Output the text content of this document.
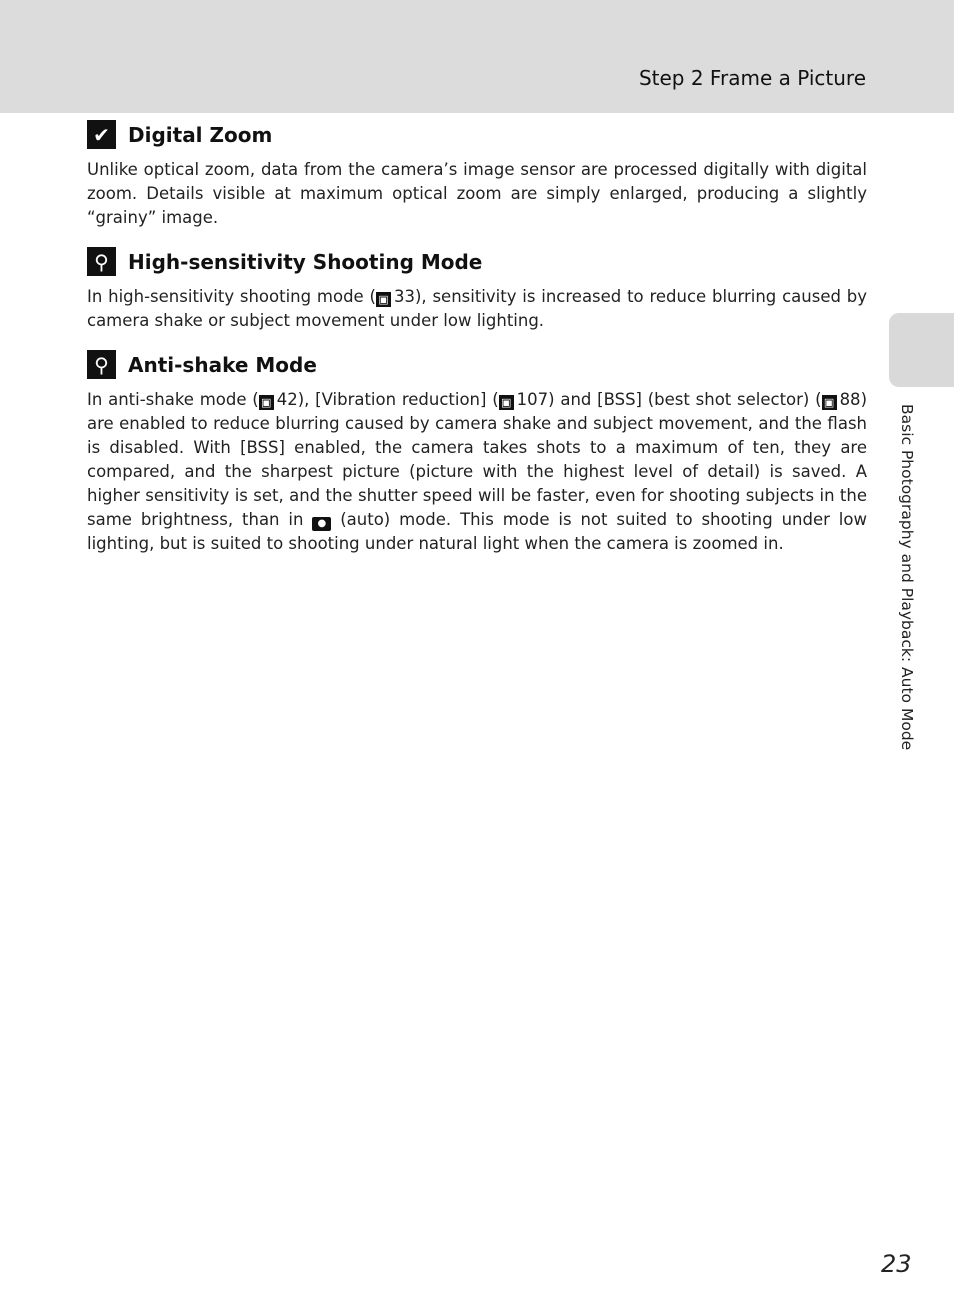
Step 2 Frame a Picture
Basic Photography and Playback: Auto Mode
✔ Digital Zoom

Unlike optical zoom, data from the camera’s image sensor are processed digitally with digital zoom. Details visible at maximum optical zoom are simply enlarged, producing a slightly “grainy” image.

⚲ High-sensitivity Shooting Mode

In high-sensitivity shooting mode ( ▣ 33), sensitivity is increased to reduce blurring caused by camera shake or subject movement under low lighting.

⚲ Anti-shake Mode

In anti-shake mode ( ▣ 42), [Vibration reduction] ( ▣ 107) and [BSS] (best shot selector) ( ▣ 88) are enabled to reduce blurring caused by camera shake and subject movement, and the flash is disabled. With [BSS] enabled, the camera takes shots to a maximum of ten, they are compared, and the sharpest picture (picture with the highest level of detail) is saved. A higher sensitivity is set, and the shutter speed will be faster, even for shooting subjects in the same brightness, than in ● (auto) mode. This mode is not suited to shooting under low lighting, but is suited to shooting under natural light when the camera is zoomed in.

23
